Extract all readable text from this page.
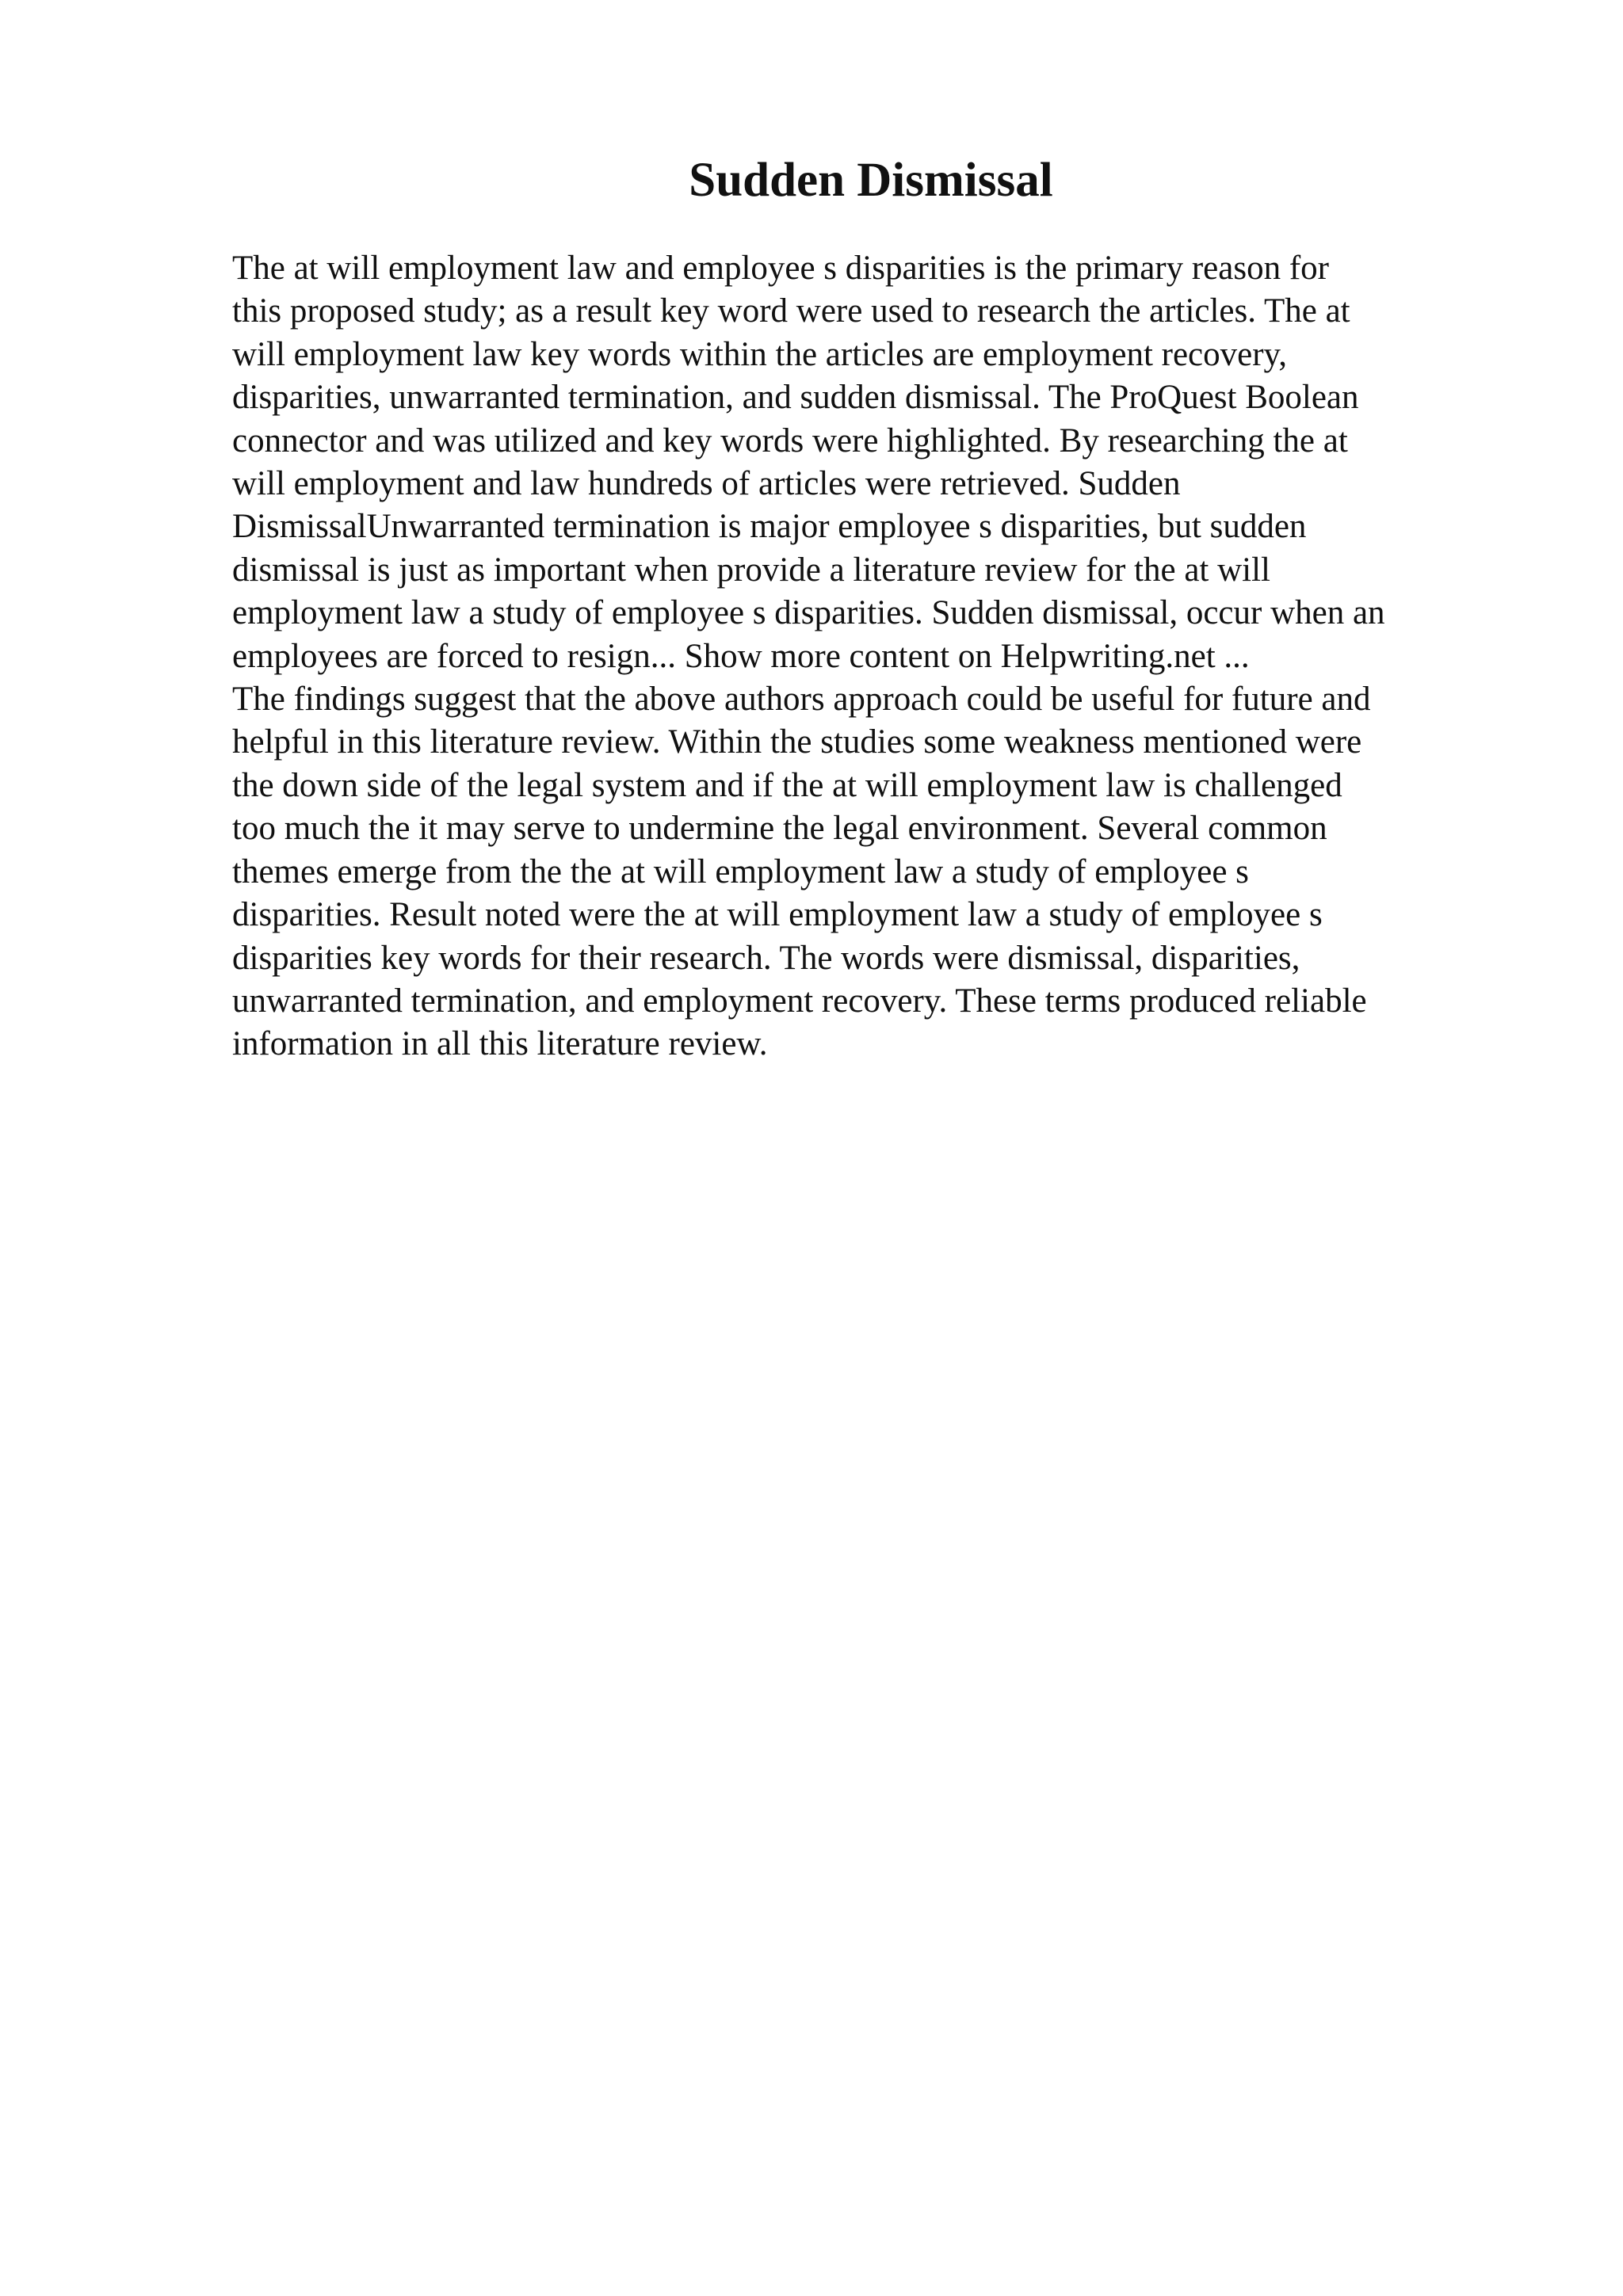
Sudden Dismissal
The at will employment law and employee s disparities is the primary reason for
this proposed study; as a result key word were used to research the articles. The at
will employment law key words within the articles are employment recovery,
disparities, unwarranted termination, and sudden dismissal. The ProQuest Boolean
connector and was utilized and key words were highlighted. By researching the at
will employment and law hundreds of articles were retrieved. Sudden
DismissalUnwarranted termination is major employee s disparities, but sudden
dismissal is just as important when provide a literature review for the at will
employment law a study of employee s disparities. Sudden dismissal, occur when an
employees are forced to resign... Show more content on Helpwriting.net ...
The findings suggest that the above authors approach could be useful for future and
helpful in this literature review. Within the studies some weakness mentioned were
the down side of the legal system and if the at will employment law is challenged
too much the it may serve to undermine the legal environment. Several common
themes emerge from the the at will employment law a study of employee s
disparities. Result noted were the at will employment law a study of employee s
disparities key words for their research. The words were dismissal, disparities,
unwarranted termination, and employment recovery. These terms produced reliable
information in all this literature review.
